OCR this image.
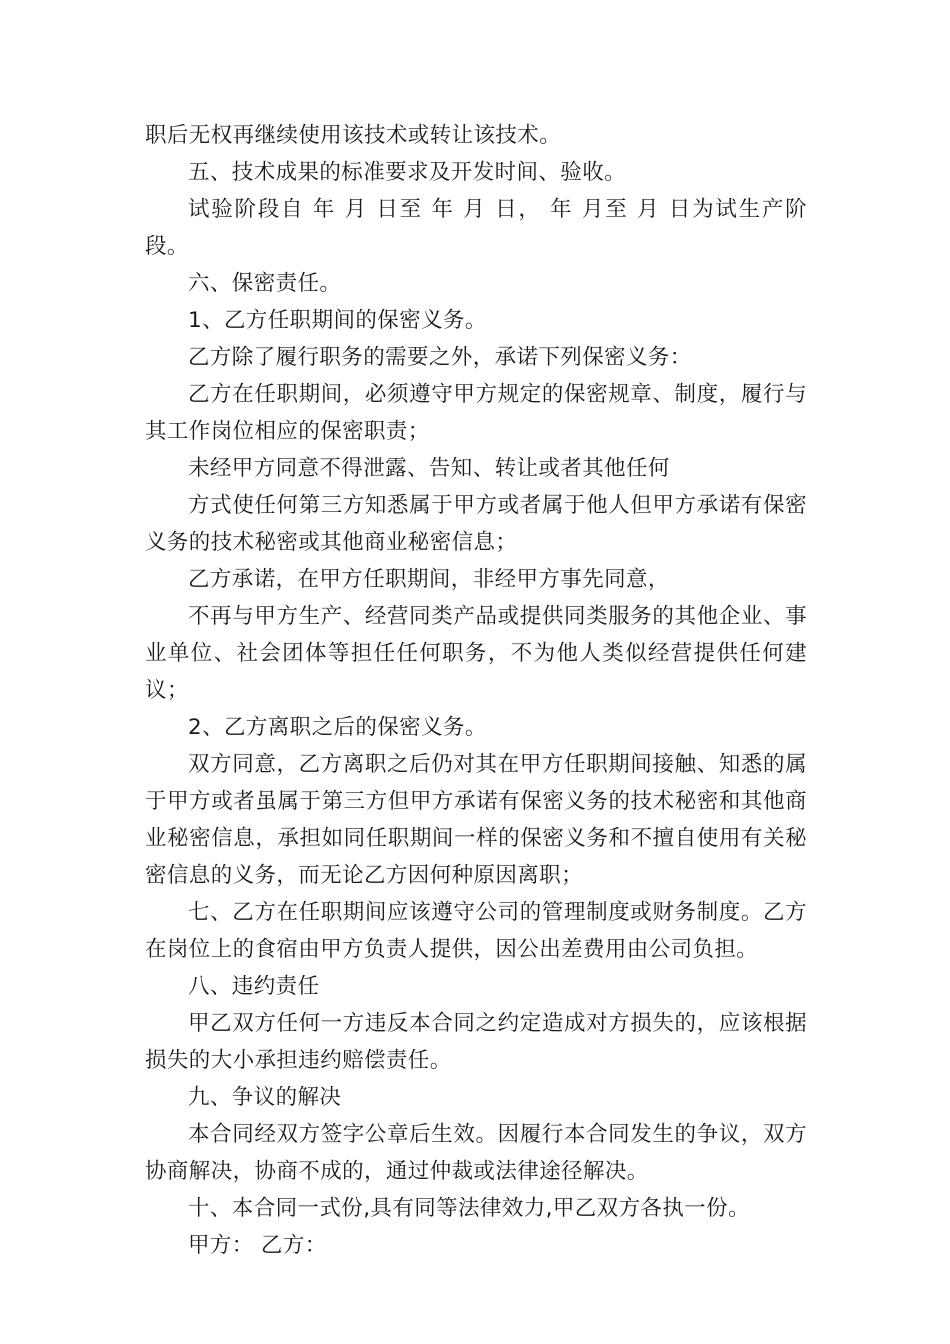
职后无权再继续使用该技术或转让该技术。

五、技术成果的标准要求及开发时间、验收。

试验阶段自 年 月 日至 年 月 日， 年 月至 月 日为试生产阶段。

六、保密责任。

1、乙方任职期间的保密义务。

乙方除了履行职务的需要之外，承诺下列保密义务：

乙方在任职期间，必须遵守甲方规定的保密规章、制度，履行与其工作岗位相应的保密职责；

未经甲方同意不得泄露、告知、转让或者其他任何

方式使任何第三方知悉属于甲方或者属于他人但甲方承诺有保密义务的技术秘密或其他商业秘密信息；

乙方承诺，在甲方任职期间，非经甲方事先同意，

不再与甲方生产、经营同类产品或提供同类服务的其他企业、事业单位、社会团体等担任任何职务，不为他人类似经营提供任何建议；

2、乙方离职之后的保密义务。

双方同意，乙方离职之后仍对其在甲方任职期间接触、知悉的属于甲方或者虽属于第三方但甲方承诺有保密义务的技术秘密和其他商业秘密信息，承担如同任职期间一样的保密义务和不擅自使用有关秘密信息的义务，而无论乙方因何种原因离职；

七、乙方在任职期间应该遵守公司的管理制度或财务制度。乙方在岗位上的食宿由甲方负责人提供，因公出差费用由公司负担。

八、违约责任

甲乙双方任何一方违反本合同之约定造成对方损失的，应该根据损失的大小承担违约赔偿责任。

九、争议的解决

本合同经双方签字公章后生效。因履行本合同发生的争议，双方协商解决，协商不成的，通过仲裁或法律途径解决。

十、本合同一式份,具有同等法律效力,甲乙双方各执一份。

甲方： 乙方：
